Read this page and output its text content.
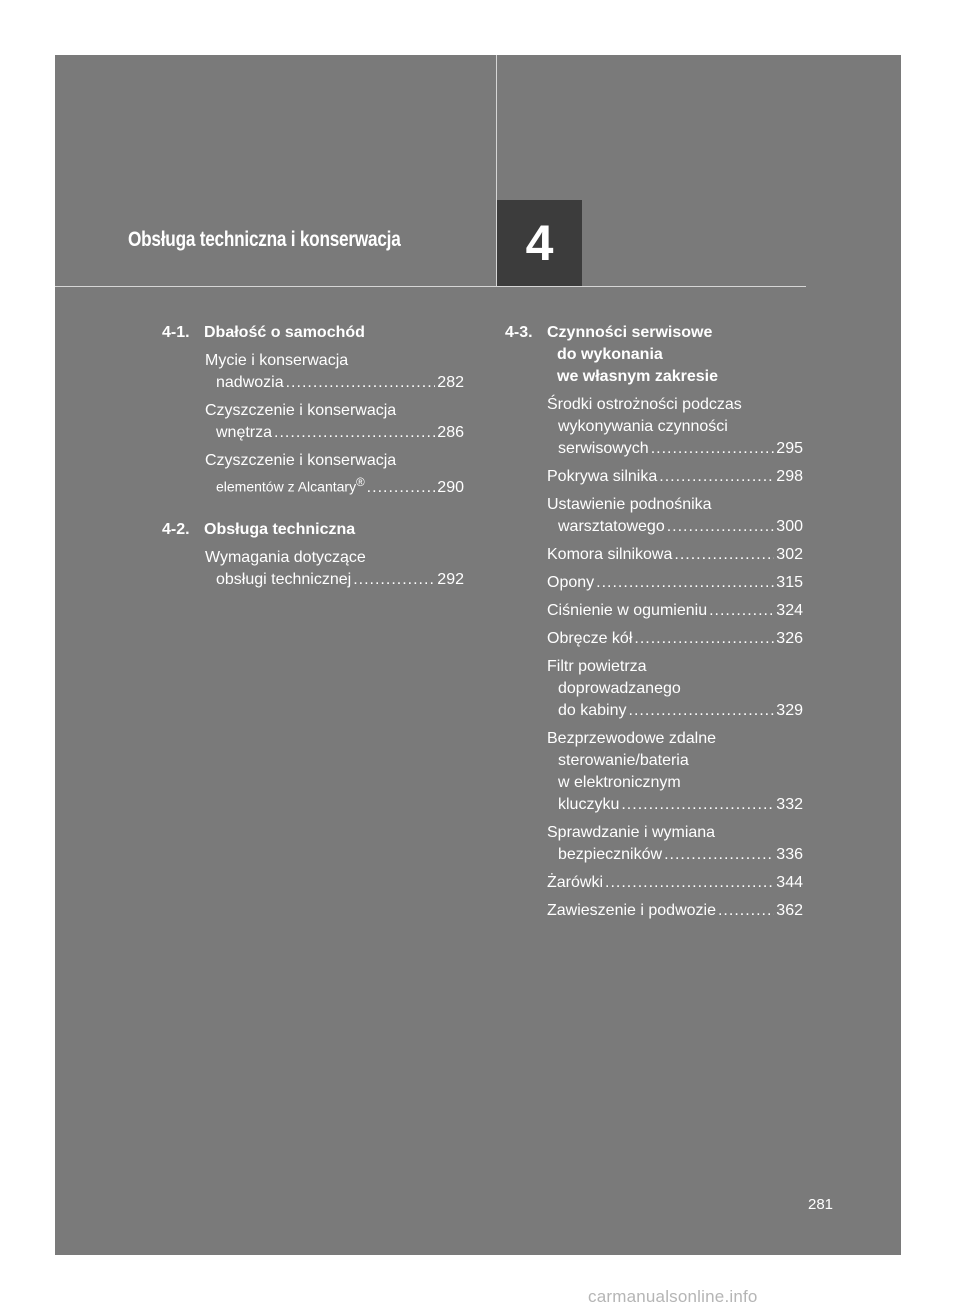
Obsługa techniczna i konserwacja	4
4-1. Dbałość o samochód
Mycie i konserwacja
nadwozia .....	282
Czyszczenie i konserwacja
wnętrza .....	286
Czyszczenie i konserwacja
elementów z Alcantary® .....	290
4-2. Obsługa techniczna
Wymagania dotyczące
obsługi technicznej .....	292
4-3. Czynności serwisowe
do wykonania
we własnym zakresie
Środki ostrożności podczas
wykonywania czynności
serwisowych .....	295
Pokrywa silnika .....	298
Ustawienie podnośnika
warsztatowego .....	300
Komora silnikowa .....	302
Opony .....	315
Ciśnienie w ogumieniu .....	324
Obręcze kół .....	326
Filtr powietrza
doprowadzanego
do kabiny .....	329
Bezprzewodowe zdalne
sterowanie/bateria
w elektronicznym
kluczyku .....	332
Sprawdzanie i wymiana
bezpieczników .....	336
Żarówki .....	344
Zawieszenie i podwozie .....	362
281
carmanualsonline.info
